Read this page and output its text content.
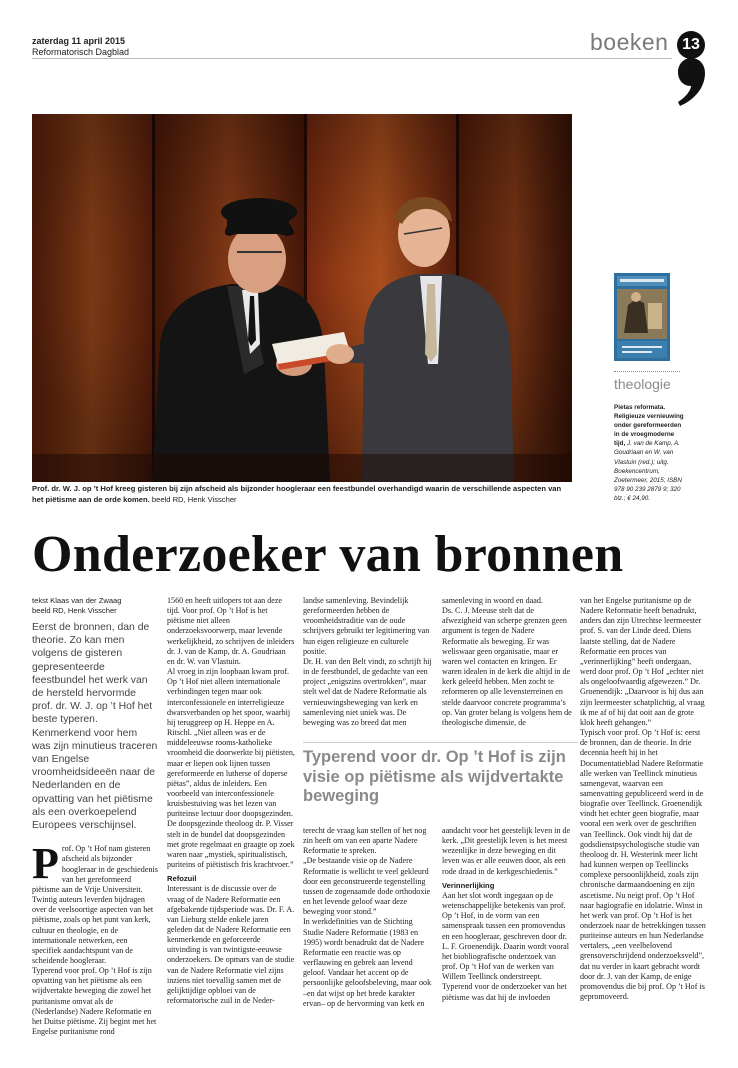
zaterdag 11 april 2015
Reformatorisch Dagblad	boeken 13
Prof. dr. W. J. op ’t Hof kreeg gisteren bij zijn afscheid als bijzonder hoogleraar een feestbundel overhandigd waarin de verschillende aspecten van het piëtisme aan de orde komen. beeld RD, Henk Visscher
theologie
Pietas reformata. Religieuze vernieuwing onder gereformeerden in de vroegmoderne tijd, J. van de Kamp, A. Goudriaan en W. van Vlastuin (red.); uitg. Boekencentrum, Zoetermeer, 2015; ISBN 978 90 239 2879 9; 320 blz.; € 24,90.
Onderzoeker van bronnen
tekst Klaas van der Zwaag
beeld RD, Henk Visscher
Eerst de bronnen, dan de theorie. Zo kan men volgens de gisteren gepresenteerde feestbundel het werk van de hersteld hervormde prof. dr. W. J. op ’t Hof het beste typeren. Kenmerkend voor hem was zijn minutieus traceren van Engelse vroomheidsideeën naar de Nederlanden en de opvatting van het piëtisme als een overkoepelend Europees verschijnsel.

Prof. Op ’t Hof nam gisteren afscheid als bijzonder hoogleraar in de geschiedenis van het gereformeerd piëtisme aan de Vrije Universiteit. Twintig auteurs leverden bijdragen over de veelsoortige aspecten van het piëtisme, zoals op het punt van kerk, cultuur en theologie, en de internationale netwerken, een specifiek aandachtspunt van de scheidende hoogleraar.
Typerend voor prof. Op ’t Hof is zijn opvatting van het piëtisme als een wijdvertakte beweging die zowel het puritanisme omvat als de (Nederlandse) Nadere Reformatie en het Duitse piëtisme. Zij begint met het Engelse puritanisme rond

1560 en heeft uitlopers tot aan deze tijd. Voor prof. Op ’t Hof is het piëtisme niet alleen onderzoeksvoorwerp, maar levende werkelijkheid, zo schrijven de inleiders dr. J. van de Kamp, dr. A. Goudriaan en dr. W. van Vlastuin.
Al vroeg in zijn loopbaan kwam prof. Op ’t Hof niet alleen internationale verbindingen tegen maar ook interconfessionele en interreligieuze dwarsverbanden op het spoor, waarbij hij teruggreep op H. Heppe en A. Ritschl. „Niet alleen was er de middeleeuwse rooms-katholieke vroomheid die doorwerkte bij piëtisten, maar er liepen ook lijnen tussen gereformeerde en lutherse of doperse piëtas”, aldus de inleiders. Een voorbeeld van interconfessionele kruisbestuiving was het lezen van puriteinse lectuur door doopsgezinden. De doopsgezinde theoloog dr. P. Visser stelt in de bundel dat doopsgezinden met grote regelmaat en graagte op zoek waren naar „mystiek, spiritualistisch, puriteins of piëtistisch fris krachtvoer.”

Refozuil

Interessant is de discussie over de vraag of de Nadere Reformatie een afgebakende tijdsperiode was. Dr. F. A. van Lieburg stelde enkele jaren geleden dat de Nadere Reformatie een kenmerkende en geforceerde uitvinding is van twintigste-eeuwse onderzoekers. De opmars van de studie van de Nadere Reformatie viel zijns inziens niet toevallig samen met de gelijktijdige opbloei van de reformatorische zuil in de Neder-

landse samenleving. Bevindelijk gereformeerden hebben de vroomheidstraditie van de oude schrijvers gebruikt ter legitimering van hun eigen religieuze en culturele positie.
Dr. H. van den Belt vindt, zo schrijft hij in de feestbundel, de gedachte van een project „enigszins overtrokken”, maar stelt wel dat de Nadere Reformatie als vernieuwingsbeweging van kerk en samenleving niet uniek was. De beweging was zo breed dat men

samenleving in woord en daad.
Ds. C. J. Meeuse stelt dat de afwezigheid van scherpe grenzen geen argument is tegen de Nadere Reformatie als beweging. Er was weliswaar geen organisatie, maar er waren wel contacten en kringen. Er waren idealen in de kerk die altijd in de kerk geleefd hebben. Men zocht te reformeren op alle levensterreinen en stelde daarvoor concrete programma’s op. Van groter belang is volgens hem de theologische dimensie, de

Typerend voor dr. Op ’t Hof is zijn visie op piëtisme als wijdvertakte beweging

terecht de vraag kan stellen of het nog zin heeft om van een aparte Nadere Reformatie te spreken.
„De bestaande visie op de Nadere Reformatie is wellicht te veel gekleurd door een geconstrueerde tegenstelling tussen de zogenaamde dode orthodoxie en het levende geloof waar deze beweging voor stond.”
In werkdefinities van de Stichting Studie Nadere Reformatie (1983 en 1995) wordt benadrukt dat de Nadere Reformatie een reactie was op verflauwing en gebrek aan levend geloof. Vandaar het accent op de persoonlijke geloofsbeleving, maar ook –en dat wijst op het brede karakter ervan– op de hervorming van kerk en

aandacht voor het geestelijk leven in de kerk. „Dit geestelijk leven is het meest wezenlijke in deze beweging en dit leven was er alle eeuwen door, als een rode draad in de kerkgeschiedenis.”

Verinnerlijking

Aan het slot wordt ingegaan op de wetenschappelijke betekenis van prof. Op ’t Hof, in de vorm van een samenspraak tussen een promovendus en een hoogleraar, geschreven door dr. L. F. Groenendijk. Daarin wordt vooral het biobliografische onderzoek van prof. Op ’t Hof van de werken van Willem Teellinck onderstreept. Typerend voor de onderzoeker van het piëtisme was dat hij de invloeden

van het Engelse puritanisme op de Nadere Reformatie heeft benadrukt, anders dan zijn Utrechtse leermeester prof. S. van der Linde deed. Diens laatste stelling, dat de Nadere Reformatie een proces van „verinnerlijking” heeft ondergaan, werd door prof. Op ’t Hof „echter niet als ongeloofwaardig afgewezen.” Dr. Groenendijk: „Daarvoor is hij dus aan zijn leermeester schatplichtig, al vraag ik me af of hij dat ooit aan de grote klok heeft gehangen.”
Typisch voor prof. Op ’t Hof is: eerst de bronnen, dan de theorie. In drie decennia heeft hij in het Documentatieblad Nadere Reformatie alle werken van Teellinck minutieus samengevat, waarvan een samenvatting gepubliceerd werd in de biografie over Teellinck. Groenendijk vindt het echter geen biografie, maar vooral een werk over de geschriften van Teellinck. Ook vindt hij dat de godsdienstpsychologische studie van theoloog dr. H. Westerink meer licht had kunnen werpen op Teellincks complexe persoonlijkheid, zoals zijn chronische darmaandoening en zijn ascetisme. Nu neigt prof. Op ’t Hof naar hagiografie en idolatrie. Winst in het werk van prof. Op ’t Hof is het onderzoek naar de betrekkingen tussen puriteinse auteurs en hun Nederlandse vertalers, „een veelbelovend grensoverschrijdend onderzoeksveld”, dat nu verder in kaart gebracht wordt door dr. J. van der Kamp, de enige promovendus die bij prof. Op ’t Hof is gepromoveerd.
